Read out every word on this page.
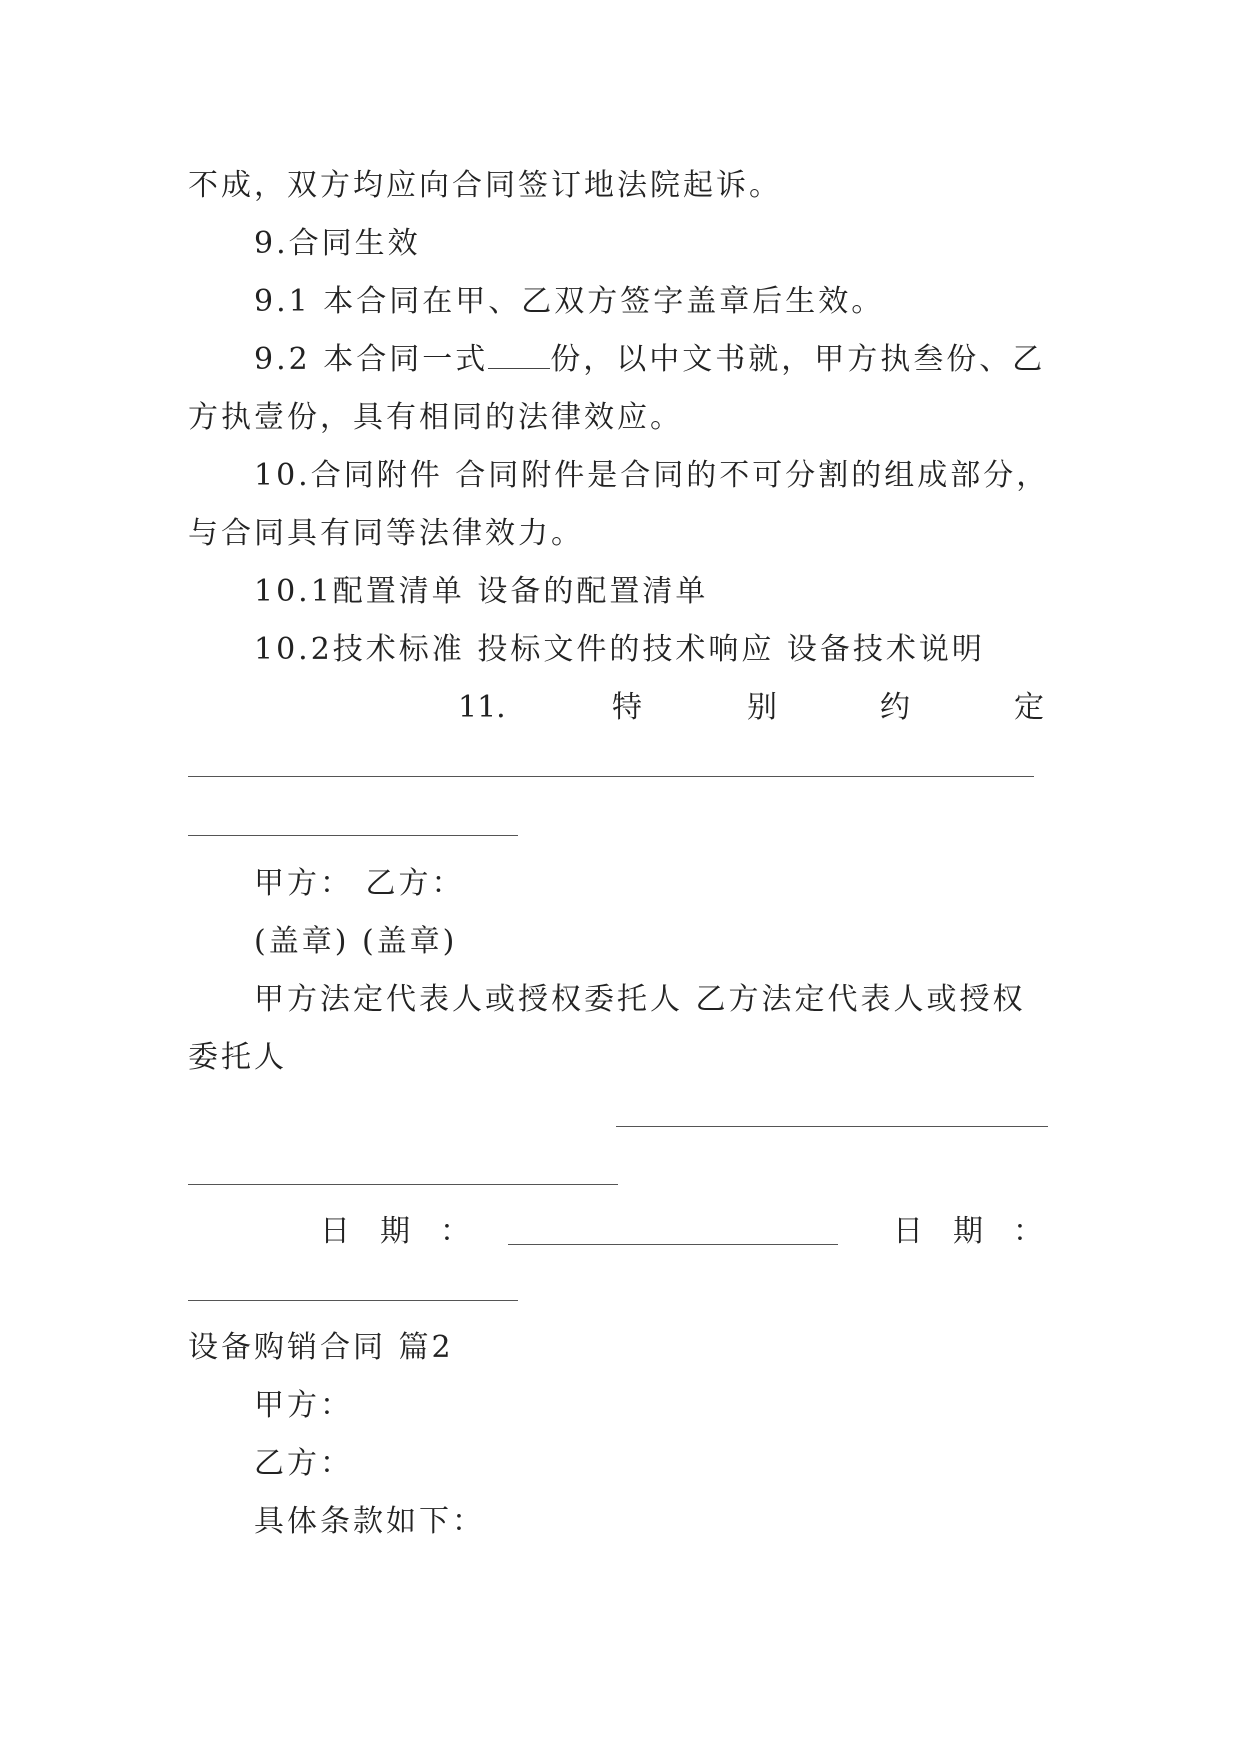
不成，双方均应向合同签订地法院起诉。
9.合同生效
9.1 本合同在甲、乙双方签字盖章后生效。
9.2 本合同一式 份，以中文书就，甲方执叁份、乙
方执壹份，具有相同的法律效应。
10.合同附件 合同附件是合同的不可分割的组成部分，
与合同具有同等法律效力。
10.1配置清单 设备的配置清单
10.2技术标准 投标文件的技术响应 设备技术说明
11.	特	别	约	定
甲方： 乙方：
(盖章) (盖章)
甲方法定代表人或授权委托人 乙方法定代表人或授权
委托人
日 期 ：	日 期 ：
设备购销合同 篇2
甲方：
乙方：
具体条款如下：
